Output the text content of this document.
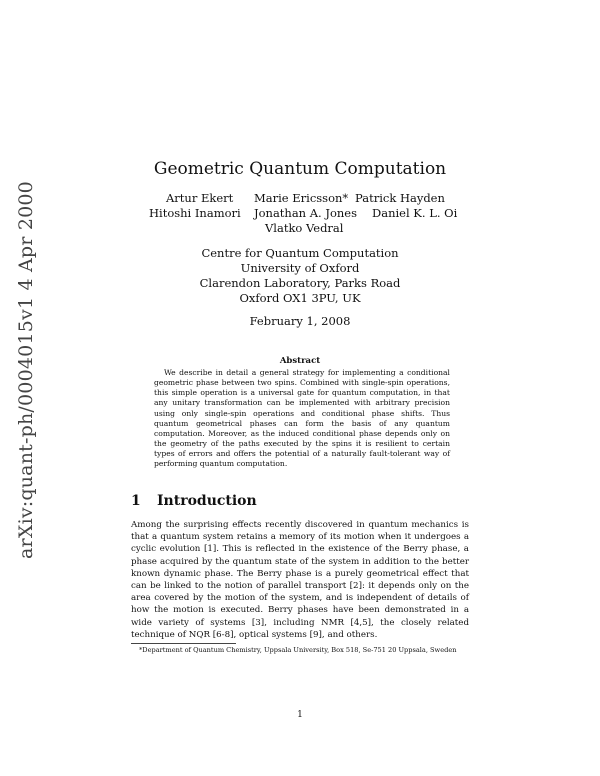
arXiv:quant-ph/0004015v1 4 Apr 2000
Geometric Quantum Computation
Artur Ekert Marie Ericsson* Patrick Hayden
Hitoshi Inamori Jonathan A. Jones Daniel K. L. Oi
Vlatko Vedral
Centre for Quantum Computation
University of Oxford
Clarendon Laboratory, Parks Road
Oxford OX1 3PU, UK
February 1, 2008
Abstract
We describe in detail a general strategy for implementing a conditional geometric phase between two spins. Combined with single-spin operations, this simple operation is a universal gate for quantum computation, in that any unitary transformation can be implemented with arbitrary precision using only single-spin operations and conditional phase shifts. Thus quantum geometrical phases can form the basis of any quantum computation. Moreover, as the induced conditional phase depends only on the geometry of the paths executed by the spins it is resilient to certain types of errors and offers the potential of a naturally fault-tolerant way of performing quantum computation.
1 Introduction
Among the surprising effects recently discovered in quantum mechanics is that a quantum system retains a memory of its motion when it undergoes a cyclic evolution [1]. This is reflected in the existence of the Berry phase, a phase acquired by the quantum state of the system in addition to the better known dynamic phase. The Berry phase is a purely geometrical effect that can be linked to the notion of parallel transport [2]: it depends only on the area covered by the motion of the system, and is independent of details of how the motion is executed. Berry phases have been demonstrated in a wide variety of systems [3], including NMR [4,5], the closely related technique of NQR [6-8], optical systems [9], and others.
*Department of Quantum Chemistry, Uppsala University, Box 518, Se-751 20 Uppsala, Sweden
1
